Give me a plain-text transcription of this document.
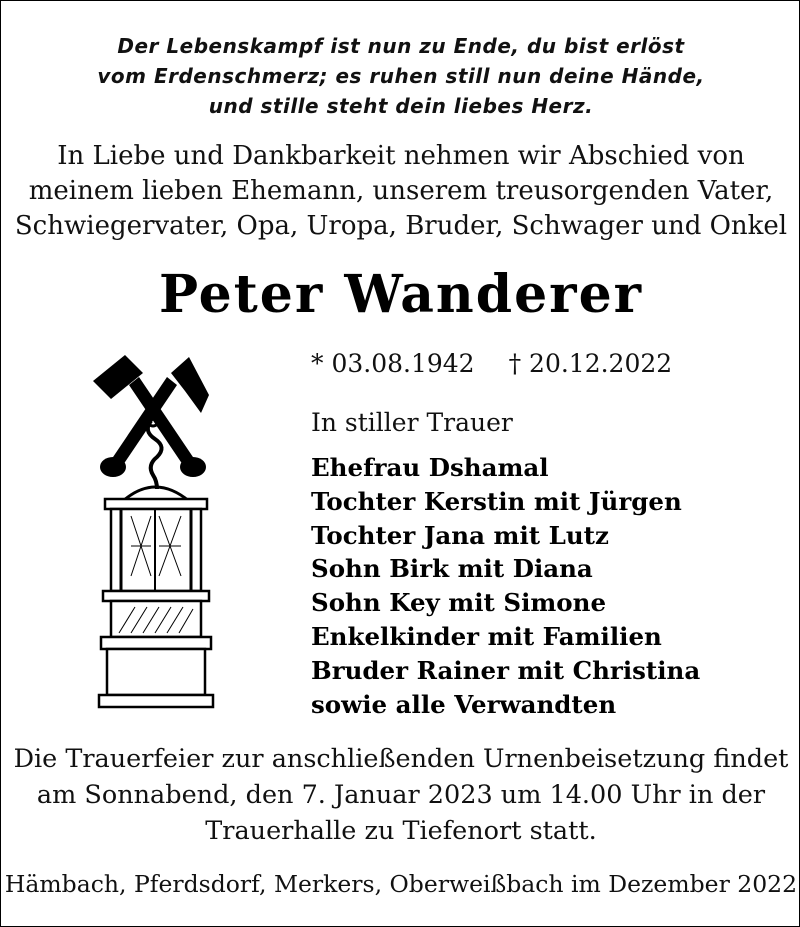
Der Lebenskampf ist nun zu Ende, du bist erlöst
vom Erdenschmerz; es ruhen still nun deine Hände,
und stille steht dein liebes Herz.
In Liebe und Dankbarkeit nehmen wir Abschied von
meinem lieben Ehemann, unserem treusorgenden Vater,
Schwiegervater, Opa, Uropa, Bruder, Schwager und Onkel
Peter Wanderer
* 03.08.1942 † 20.12.2022
In stiller Trauer
Ehefrau Dshamal
Tochter Kerstin mit Jürgen
Tochter Jana mit Lutz
Sohn Birk mit Diana
Sohn Key mit Simone
Enkelkinder mit Familien
Bruder Rainer mit Christina
sowie alle Verwandten
Die Trauerfeier zur anschließenden Urnenbeisetzung findet
am Sonnabend, den 7. Januar 2023 um 14.00 Uhr in der
Trauerhalle zu Tiefenort statt.
Hämbach, Pferdsdorf, Merkers, Oberweißbach im Dezember 2022
